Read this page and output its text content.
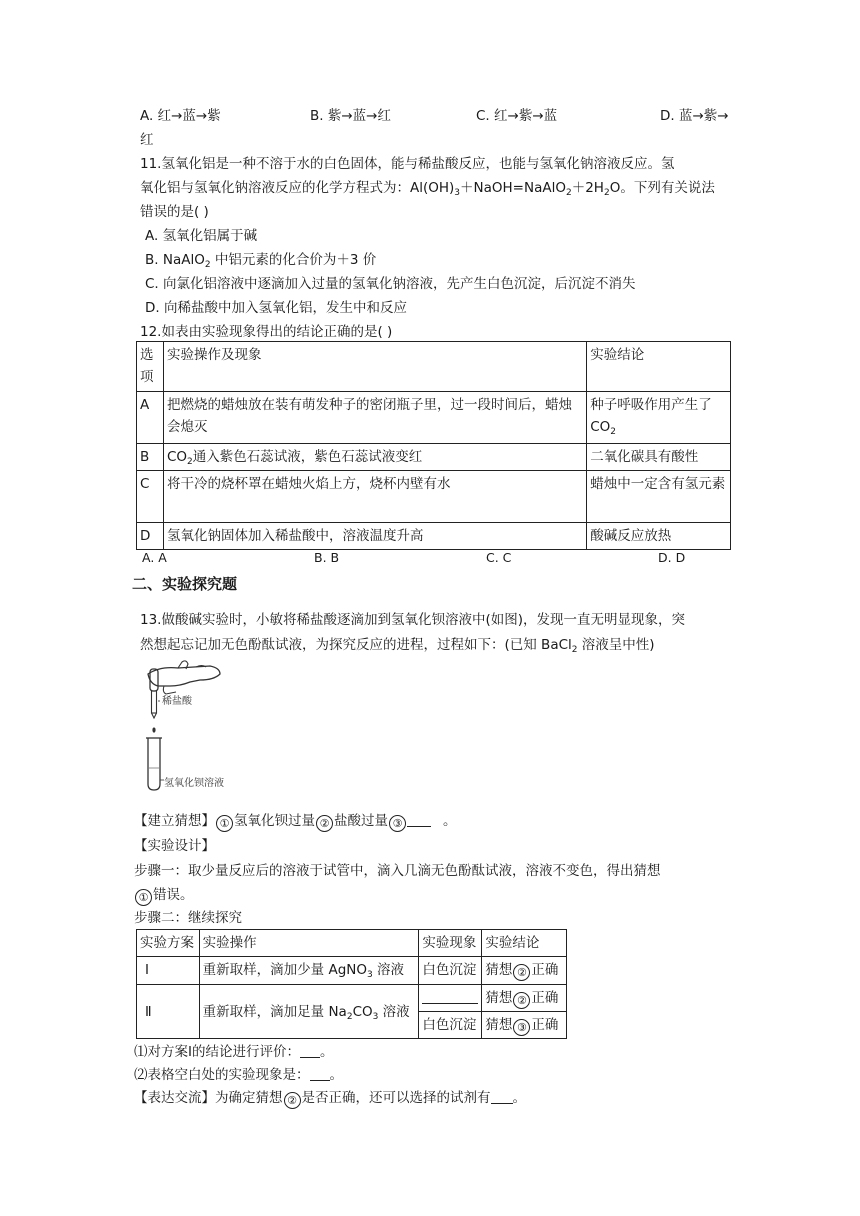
A. 红→蓝→紫	B. 紫→蓝→红	C. 红→紫→蓝	D. 蓝→紫→
红
11.氢氧化铝是一种不溶于水的白色固体，能与稀盐酸反应，也能与氢氧化钠溶液反应。氢
氧化铝与氢氧化钠溶液反应的化学方程式为：$Al(OH)_3+NaOH=NaAlO_2+2H_2O$。下列有关说法
错误的是( )
A. 氢氧化铝属于碱
B. NaAlO$_2$ 中铝元素的化合价为＋3 价
C. 向氯化铝溶液中逐滴加入过量的氢氧化钠溶液，先产生白色沉淀，后沉淀不消失
D. 向稀盐酸中加入氢氧化铝，发生中和反应
12.如表由实验现象得出的结论正确的是( )
选项	实验操作及现象	实验结论
A	把燃烧的蜡烛放在装有萌发种子的密闭瓶子里，过一段时间后，蜡烛会熄灭	种子呼吸作用产生了$CO_2$
B	$CO_2$通入紫色石蕊试液，紫色石蕊试液变红	二氧化碳具有酸性
C	将干冷的烧杯罩在蜡烛火焰上方，烧杯内壁有水	蜡烛中一定含有氢元素
D	氢氧化钠固体加入稀盐酸中，溶液温度升高	酸碱反应放热
A. A	B. B	C. C	D. D
二、实验探究题
13.做酸碱实验时，小敏将稀盐酸逐滴加到氢氧化钡溶液中(如图)，发现一直无明显现象，突
然想起忘记加无色酚酞试液，为探究反应的进程，过程如下：(已知 BaCl$_2$ 溶液呈中性)
稀盐酸
氢氧化钡溶液
【建立猜想】 ① 氢氧化钡过量 ② 盐酸过量 ③	。
【实验设计】
步骤一：取少量反应后的溶液于试管中，滴入几滴无色酚酞试液，溶液不变色，得出猜想
① 错误。
步骤二：继续探究
实验方案	实验操作	实验现象	实验结论
Ⅰ	重新取样，滴加少量 AgNO$_3$ 溶液	白色沉淀	猜想 ② 正确
Ⅱ	重新取样，滴加足量 $Na_2CO_3$ 溶液		猜想 ② 正确
		白色沉淀	猜想 ③ 正确
⑴对方案Ⅰ的结论进行评价： 。
⑵表格空白处的实验现象是： 。
【表达交流】为确定猜想 ② 是否正确，还可以选择的试剂有 。
